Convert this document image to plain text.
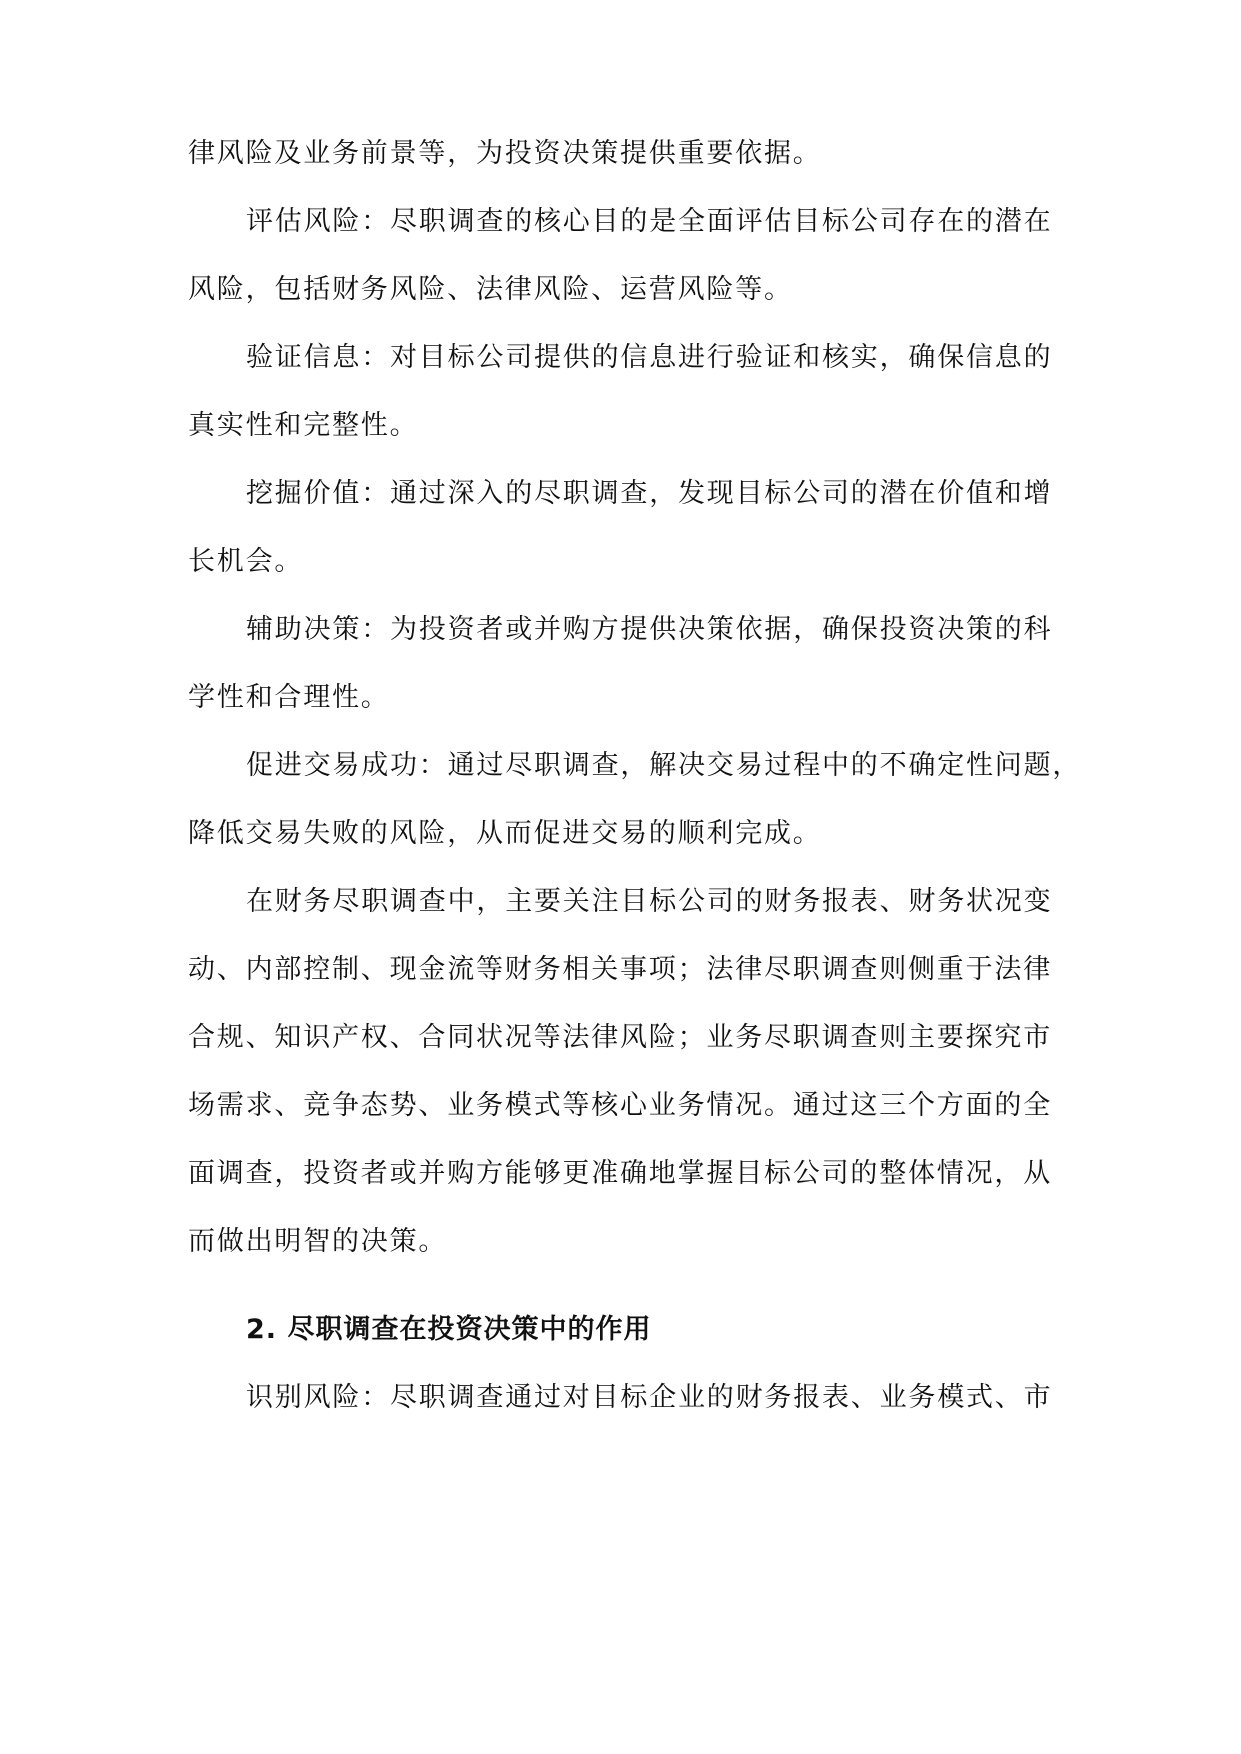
律风险及业务前景等，为投资决策提供重要依据。
评估风险：尽职调查的核心目的是全面评估目标公司存在的潜在
风险，包括财务风险、法律风险、运营风险等。
验证信息：对目标公司提供的信息进行验证和核实，确保信息的
真实性和完整性。
挖掘价值：通过深入的尽职调查，发现目标公司的潜在价值和增
长机会。
辅助决策：为投资者或并购方提供决策依据，确保投资决策的科
学性和合理性。
促进交易成功：通过尽职调查，解决交易过程中的不确定性问题，
降低交易失败的风险，从而促进交易的顺利完成。
在财务尽职调查中，主要关注目标公司的财务报表、财务状况变
动、内部控制、现金流等财务相关事项；法律尽职调查则侧重于法律
合规、知识产权、合同状况等法律风险；业务尽职调查则主要探究市
场需求、竞争态势、业务模式等核心业务情况。通过这三个方面的全
面调查，投资者或并购方能够更准确地掌握目标公司的整体情况，从
而做出明智的决策。
2. 尽职调查在投资决策中的作用
识别风险：尽职调查通过对目标企业的财务报表、业务模式、市
